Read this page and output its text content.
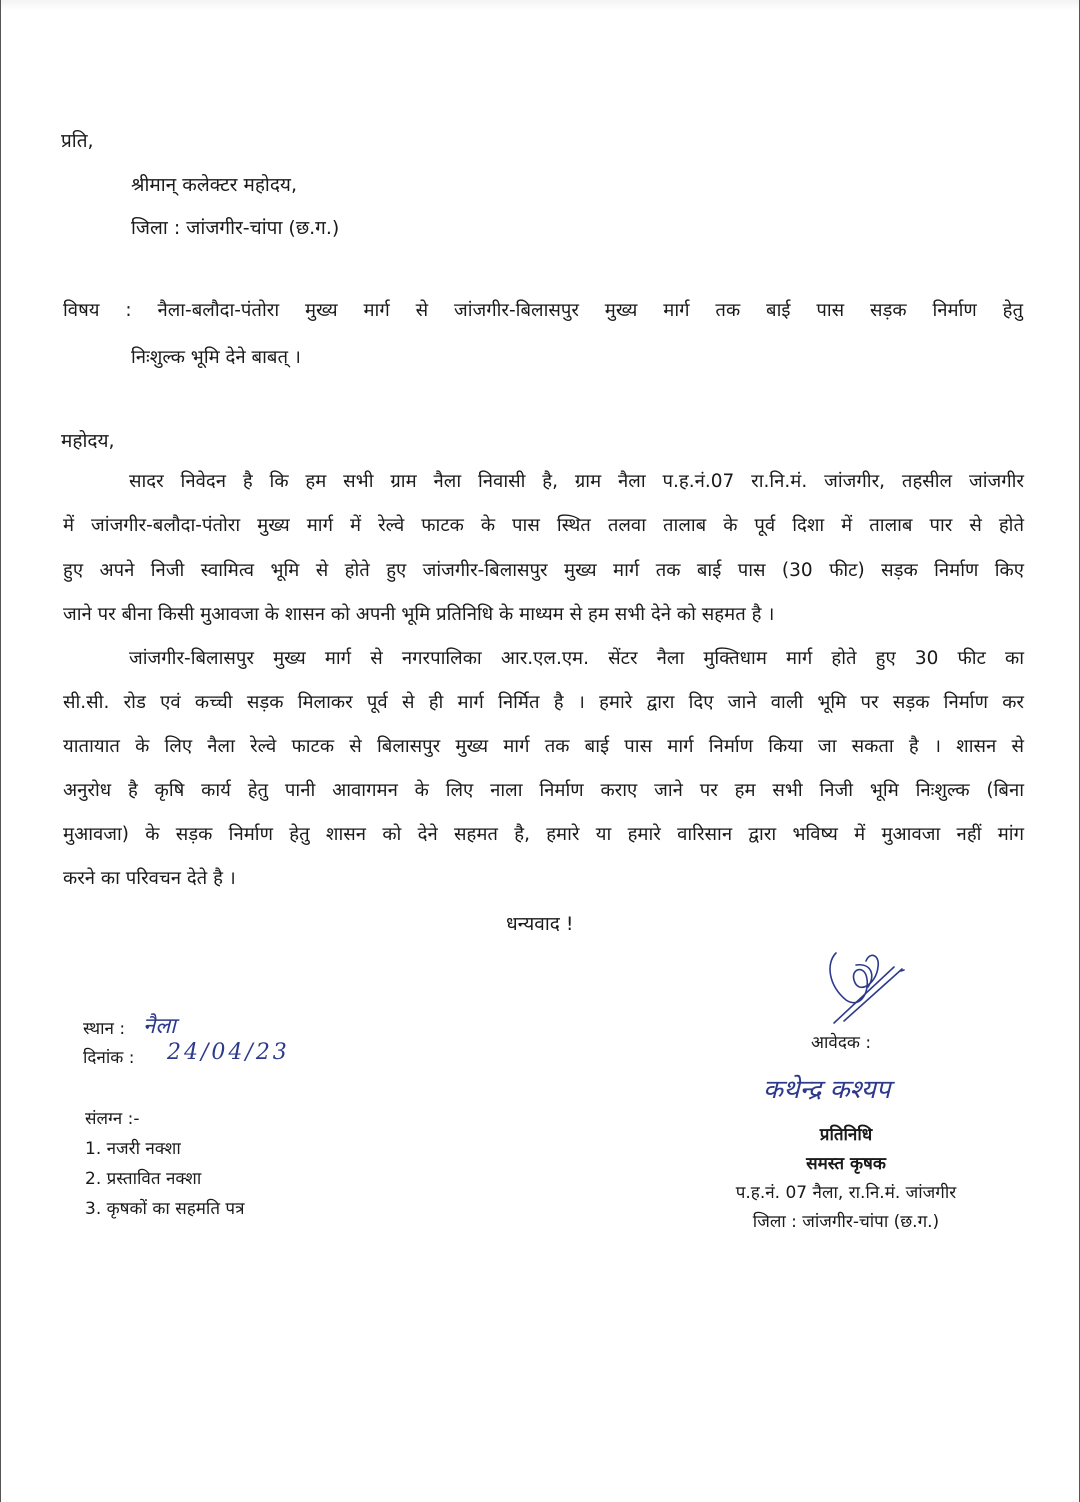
प्रति,
श्रीमान् कलेक्टर महोदय,
जिला : जांजगीर-चांपा (छ.ग.)
विषय : नैला-बलौदा-पंतोरा मुख्य मार्ग से जांजगीर-बिलासपुर मुख्य मार्ग तक बाई पास सड़क निर्माण हेतु
निःशुल्क भूमि देने बाबत् ।
महोदय,
सादर निवेदन है कि हम सभी ग्राम नैला निवासी है, ग्राम नैला प.ह.नं.07 रा.नि.मं. जांजगीर, तहसील जांजगीर
में जांजगीर-बलौदा-पंतोरा मुख्य मार्ग में रेल्वे फाटक के पास स्थित तलवा तालाब के पूर्व दिशा में तालाब पार से होते
हुए अपने निजी स्वामित्व भूमि से होते हुए जांजगीर-बिलासपुर मुख्य मार्ग तक बाई पास (30 फीट) सड़क निर्माण किए
जाने पर बीना किसी मुआवजा के शासन को अपनी भूमि प्रतिनिधि के माध्यम से हम सभी देने को सहमत है ।
जांजगीर-बिलासपुर मुख्य मार्ग से नगरपालिका आर.एल.एम. सेंटर नैला मुक्तिधाम मार्ग होते हुए 30 फीट का
सी.सी. रोड एवं कच्ची सड़क मिलाकर पूर्व से ही मार्ग निर्मित है । हमारे द्वारा दिए जाने वाली भूमि पर सड़क निर्माण कर
यातायात के लिए नैला रेल्वे फाटक से बिलासपुर मुख्य मार्ग तक बाई पास मार्ग निर्माण किया जा सकता है । शासन से
अनुरोध है कृषि कार्य हेतु पानी आवागमन के लिए नाला निर्माण कराए जाने पर हम सभी निजी भूमि निःशुल्क (बिना
मुआवजा) के सड़क निर्माण हेतु शासन को देने सहमत है, हमारे या हमारे वारिसान द्वारा भविष्य में मुआवजा नहीं मांग
करने का परिवचन देते है ।
धन्यवाद !
स्थान : नैला
दिनांक : 24/04/23
संलग्न :-
1. नजरी नक्शा
2. प्रस्तावित नक्शा
3. कृषकों का सहमति पत्र
आवेदक :
कथेन्द्र कश्यप
प्रतिनिधि
समस्त कृषक
प.ह.नं. 07 नैला, रा.नि.मं. जांजगीर
जिला : जांजगीर-चांपा (छ.ग.)
